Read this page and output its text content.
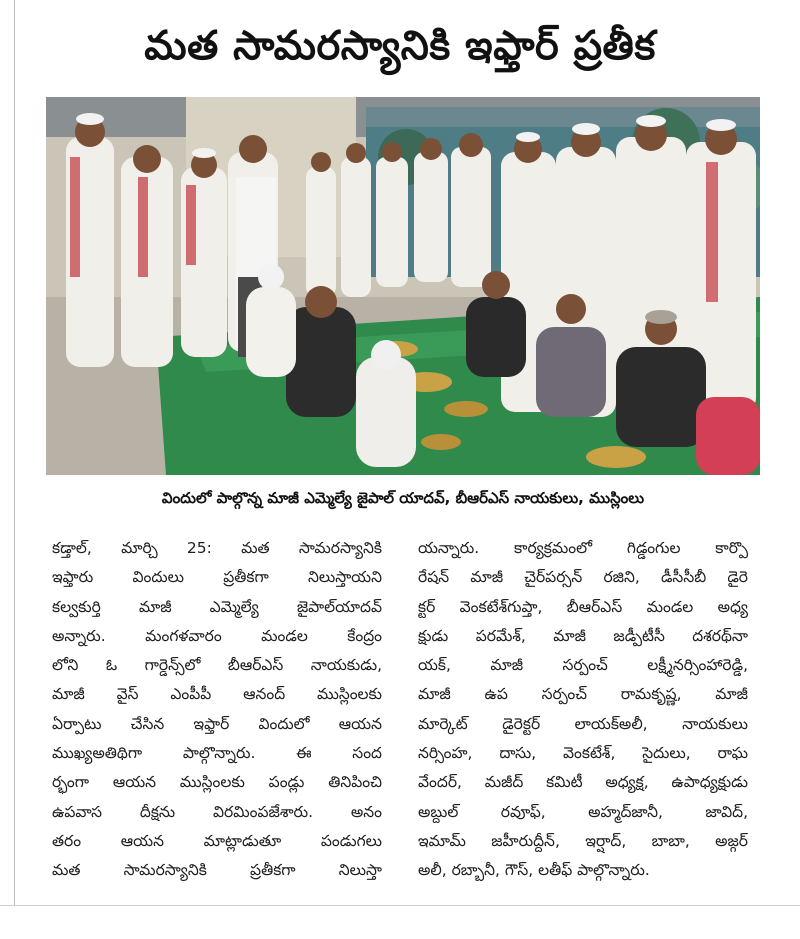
మత సామరస్యానికి ఇఫ్తార్ ప్రతీక

విందులో పాల్గొన్న మాజీ ఎమ్మెల్యే జైపాల్ యాదవ్, బీఆర్ఎస్ నాయకులు, ముస్లింలు

కడ్తాల్, మార్చి 25: మత సామరస్యానికి
ఇఫ్తారు విందులు ప్రతీకగా నిలుస్తాయని
కల్వకుర్తి మాజీ ఎమ్మెల్యే జైపాల్‌యాదవ్
అన్నారు. మంగళవారం మండల కేంద్రం
లోని ఓ గార్డెన్స్‌లో బీఆర్ఎస్ నాయకుడు,
మాజీ వైస్ ఎంపీపీ ఆనంద్ ముస్లింలకు
ఏర్పాటు చేసిన ఇఫ్తార్ విందులో ఆయన
ముఖ్యఅతిథిగా పాల్గొన్నారు. ఈ సంద
ర్భంగా ఆయన ముస్లింలకు పండ్లు తినిపించి
ఉపవాస దీక్షను విరమింపజేశారు. అనం
తరం ఆయన మాట్లాడుతూ పండుగలు
మత సామరస్యానికి ప్రతీకగా నిలుస్తా
యన్నారు. కార్యక్రమంలో గిడ్డంగుల కార్పొ
రేషన్ మాజీ చైర్‌పర్సన్ రజిని, డీసీసీబీ డైరె
క్టర్ వెంకటేశ్‌గుప్తా, బీఆర్ఎస్ మండల అధ్య
క్షుడు పరమేశ్, మాజీ జడ్పీటీసీ దశరథ్‌నా
యక్, మాజీ సర్పంచ్ లక్ష్మీనర్సింహారెడ్డి,
మాజీ ఉప సర్పంచ్ రామకృష్ణ, మాజీ
మార్కెట్ డైరెక్టర్ లాయక్‌అలీ, నాయకులు
నర్సింహ, దాసు, వెంకటేశ్, సైదులు, రాఘ
వేందర్, మజీద్ కమిటీ అధ్యక్ష, ఉపాధ్యక్షుడు
అబ్దుల్ రవూఫ్, అహ్మద్‌జానీ, జావిద్,
ఇమామ్ జహీరుద్దీన్, ఇర్షాద్, బాబా, అజ్గర్
అలీ, రబ్బానీ, గౌస్, లతీఫ్ పాల్గొన్నారు.
